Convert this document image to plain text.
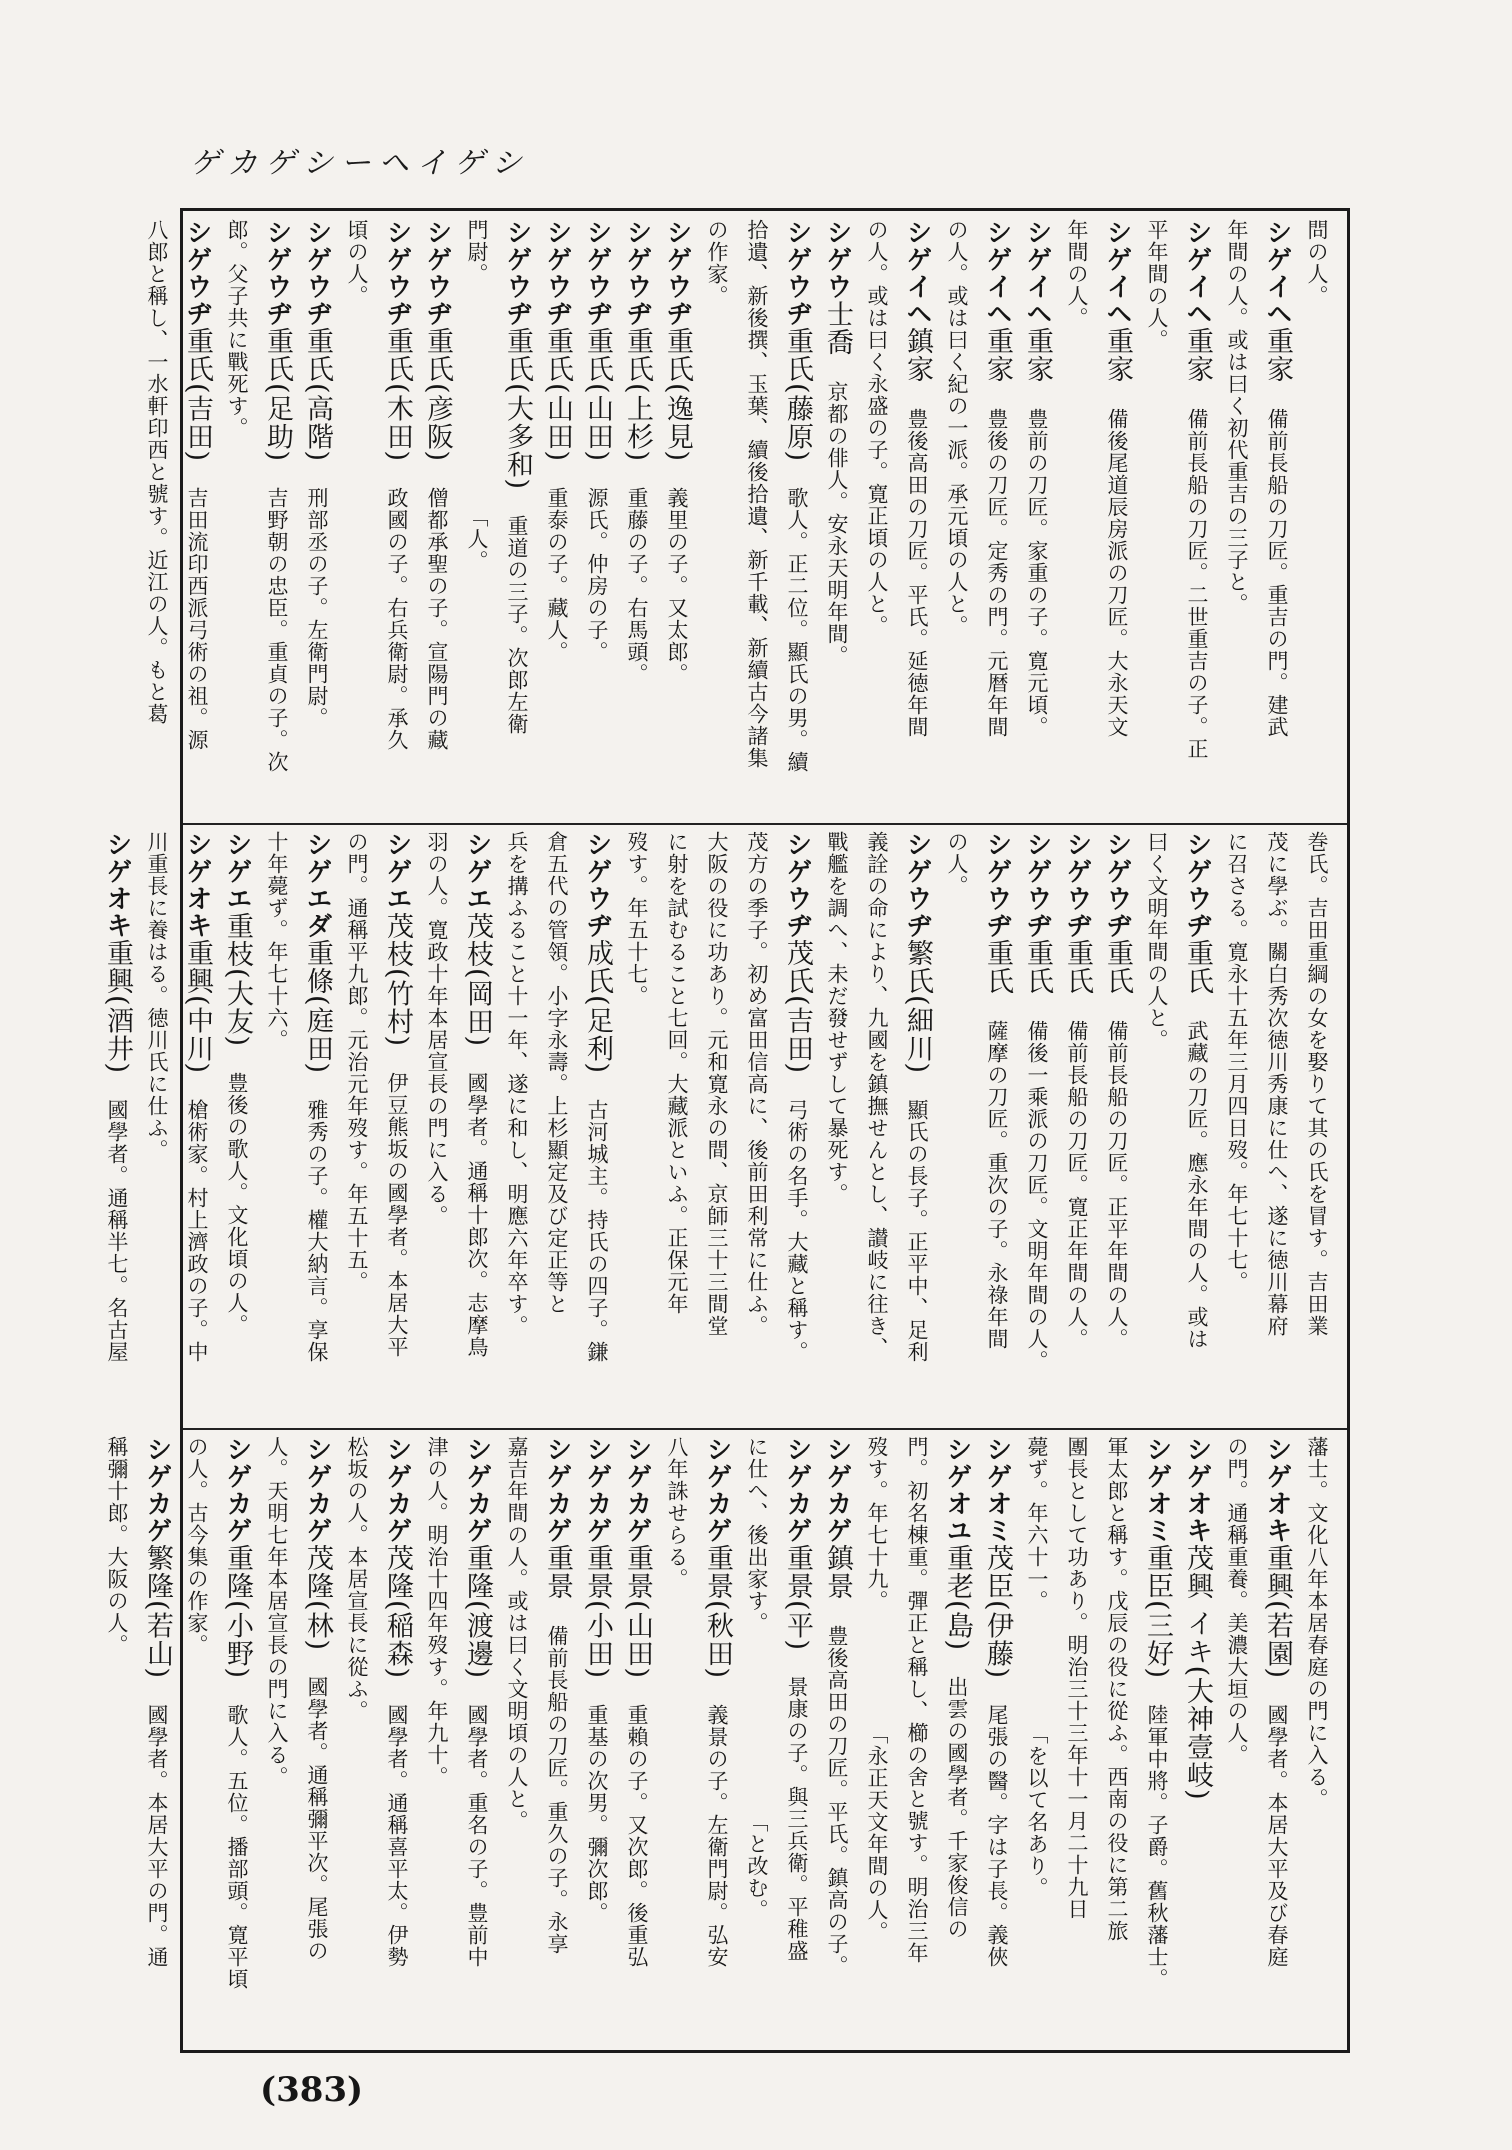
ゲカゲシーヘイゲシ
問の人。
シゲイヘ重家　備前長船の刀匠。重吉の門。建武
年間の人。或は曰く初代重吉の三子と。
シゲイヘ重家　備前長船の刀匠。二世重吉の子。正
平年間の人。
シゲイヘ重家　備後尾道辰房派の刀匠。大永天文
年間の人。
シゲイヘ重家　豊前の刀匠。家重の子。寛元頃。
シゲイヘ重家　豊後の刀匠。定秀の門。元暦年間
の人。或は曰く紀の一派。承元頃の人と。
シゲイヘ鎮家　豊後高田の刀匠。平氏。延徳年間
の人。或は曰く永盛の子。寛正頃の人と。
シゲウ士喬　京都の俳人。安永天明年間。
シゲウヂ重氏(藤原)　歌人。正二位。顯氏の男。續
拾遺、新後撰、玉葉、續後拾遺、新千載、新續古今諸集
の作家。
シゲウヂ重氏(逸見)　義里の子。又太郎。
シゲウヂ重氏(上杉)　重藤の子。右馬頭。
シゲウヂ重氏(山田)　源氏。仲房の子。
シゲウヂ重氏(山田)　重泰の子。藏人。
シゲウヂ重氏(大多和)　重道の三子。次郎左衛
門尉。　　　　　　　　　　　「人。
シゲウヂ重氏(彦阪)　僧都承聖の子。宣陽門の藏
シゲウヂ重氏(木田)　政國の子。右兵衛尉。承久
頃の人。
シゲウヂ重氏(高階)　刑部丞の子。左衛門尉。
シゲウヂ重氏(足助)　吉野朝の忠臣。重貞の子。次
郎。父子共に戰死す。
シゲウヂ重氏(吉田)　吉田流印西派弓術の祖。源
八郎と稱し、一水軒印西と號す。近江の人。もと葛
巻氏。吉田重綱の女を娶りて其の氏を冒す。吉田業
茂に學ぶ。關白秀次徳川秀康に仕へ、遂に徳川幕府
に召さる。寛永十五年三月四日歿。年七十七。
シゲウヂ重氏　武藏の刀匠。應永年間の人。或は
曰く文明年間の人と。
シゲウヂ重氏　備前長船の刀匠。正平年間の人。
シゲウヂ重氏　備前長船の刀匠。寛正年間の人。
シゲウヂ重氏　備後一乘派の刀匠。文明年間の人。
シゲウヂ重氏　薩摩の刀匠。重次の子。永祿年間
の人。
シゲウヂ繁氏(細川)　顯氏の長子。正平中、足利
義詮の命により、九國を鎮撫せんとし、讃岐に往き、
戰艦を調へ、未だ發せずして暴死す。
シゲウヂ茂氏(吉田)　弓術の名手。大藏と稱す。
茂方の季子。初め富田信高に、後前田利常に仕ふ。
大阪の役に功あり。元和寛永の間、京師三十三間堂
に射を試むること七回。大藏派といふ。正保元年
歿す。年五十七。
シゲウヂ成氏(足利)　古河城主。持氏の四子。鎌
倉五代の管領。小字永壽。上杉顯定及び定正等と
兵を搆ふること十一年、遂に和し、明應六年卒す。
シゲエ茂枝(岡田)　國學者。通稱十郎次。志摩鳥
羽の人。寛政十年本居宣長の門に入る。
シゲエ茂枝(竹村)　伊豆熊坂の國學者。本居大平
の門。通稱平九郎。元治元年歿す。年五十五。
シゲエダ重條(庭田)　雅秀の子。權大納言。享保
十年薨ず。年七十六。
シゲエ重枝(大友)　豊後の歌人。文化頃の人。
シゲオキ重興(中川)　槍術家。村上濟政の子。中
川重長に養はる。徳川氏に仕ふ。
シゲオキ重興(酒井)　國學者。通稱半七。名古屋
藩士。文化八年本居春庭の門に入る。
シゲオキ重興(若園)　國學者。本居大平及び春庭
の門。通稱重養。美濃大垣の人。
シゲオキ茂興 イキ(大神壹岐)　
シゲオミ重臣(三好)　陸軍中將。子爵。舊秋藩士。
軍太郎と稱す。戊辰の役に從ふ。西南の役に第二旅
團長として功あり。明治三十三年十一月二十九日
薨ず。年六十一。　　　　　　「を以て名あり。
シゲオミ茂臣(伊藤)　尾張の醫。字は子長。義俠
シゲオユ重老(島)　出雲の國學者。千家俊信の
門。初名棟重。彈正と稱し、櫛の舍と號す。明治三年
歿す。年七十九。　　　　　　「永正天文年間の人。
シゲカゲ鎮景　豊後高田の刀匠。平氏。鎮高の子。
シゲカゲ重景(平)　景康の子。與三兵衛。平稚盛
に仕へ、後出家す。　　　　　　　　　「と改む。
シゲカゲ重景(秋田)　義景の子。左衛門尉。弘安
八年誅せらる。
シゲカゲ重景(山田)　重賴の子。又次郎。後重弘
シゲカゲ重景(小田)　重基の次男。彌次郎。
シゲカゲ重景　備前長船の刀匠。重久の子。永享
嘉吉年間の人。或は曰く文明頃の人と。
シゲカゲ重隆(渡邊)　國學者。重名の子。豊前中
津の人。明治十四年歿す。年九十。
シゲカゲ茂隆(稲森)　國學者。通稱喜平太。伊勢
松坂の人。本居宣長に從ふ。
シゲカゲ茂隆(林)　國學者。通稱彌平次。尾張の
人。天明七年本居宣長の門に入る。
シゲカゲ重隆(小野)　歌人。五位。播部頭。寛平頃
の人。古今集の作家。
シゲカゲ繁隆(若山)　國學者。本居大平の門。通
稱彌十郎。大阪の人。
(383)
